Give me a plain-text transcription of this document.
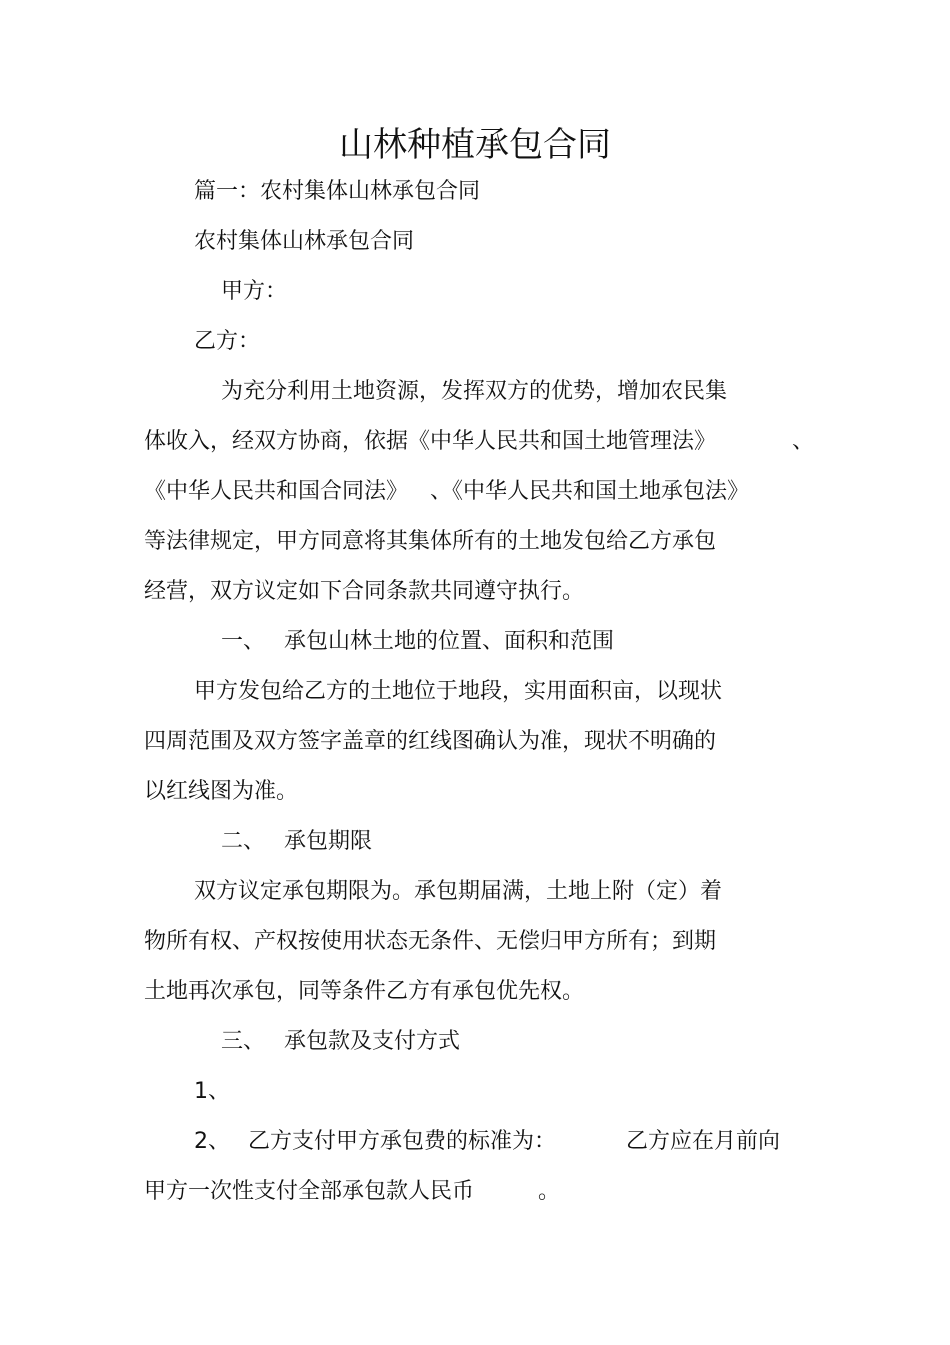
山林种植承包合同

篇一：农村集体山林承包合同

农村集体山林承包合同

甲方：

乙方：

为充分利用土地资源，发挥双方的优势，增加农民集

体收入，经双方协商，依据《中华人民共和国土地管理法》	、

《中华人民共和国合同法》 、《中华人民共和国土地承包法》

等法律规定，甲方同意将其集体所有的土地发包给乙方承包

经营，双方议定如下合同条款共同遵守执行。

一、 承包山林土地的位置、面积和范围

甲方发包给乙方的土地位于地段，实用面积亩，以现状

四周范围及双方签字盖章的红线图确认为准，现状不明确的

以红线图为准。

二、 承包期限

双方议定承包期限为。承包期届满，土地上附（定）着

物所有权、产权按使用状态无条件、无偿归甲方所有；到期

土地再次承包，同等条件乙方有承包优先权。

三、 承包款及支付方式

1、

2、 乙方支付甲方承包费的标准为：	乙方应在月前向

甲方一次性支付全部承包款人民币	。
